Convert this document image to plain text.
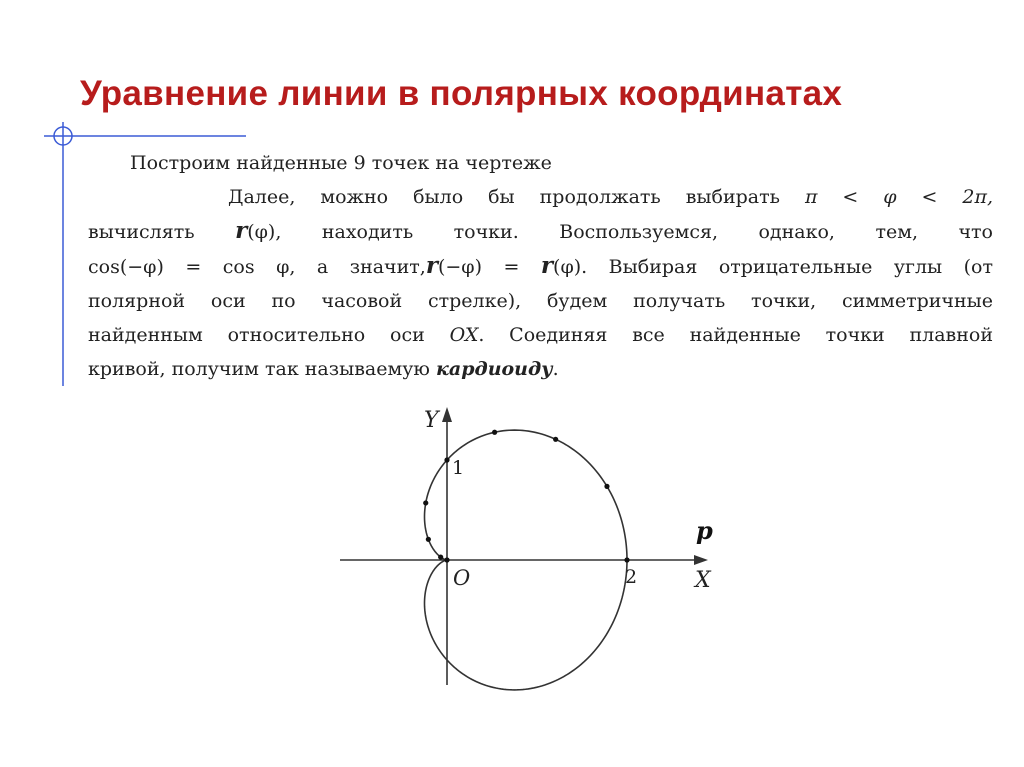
Уравнение линии в полярных координатах
Построим найденные 9 точек на чертеже
Далее, можно было бы продолжать выбирать π < φ < 2π,
вычислять r(φ), находить точки. Воспользуемся, однако, тем, что
cos(−φ) = cos φ, а значит,r(−φ) = r(φ). Выбирая отрицательные углы (от
полярной оси по часовой стрелке), будем получать точки, симметричные
найденным относительно оси OX. Соединяя все найденные точки плавной
кривой, получим так называемую кардиоиду.
Y
X
O
1
2
p
